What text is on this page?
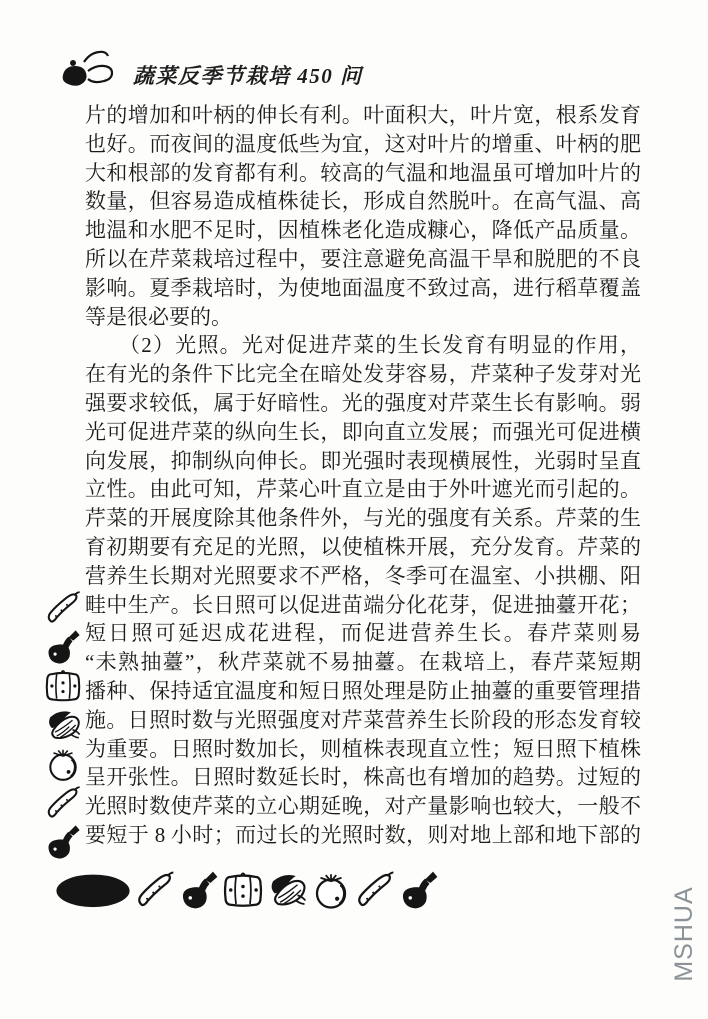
蔬菜反季节栽培 450 问
片的增加和叶柄的伸长有利。叶面积大，叶片宽，根系发育
也好。而夜间的温度低些为宜，这对叶片的增重、叶柄的肥
大和根部的发育都有利。较高的气温和地温虽可增加叶片的
数量，但容易造成植株徒长，形成自然脱叶。在高气温、高
地温和水肥不足时，因植株老化造成糠心，降低产品质量。
所以在芹菜栽培过程中，要注意避免高温干旱和脱肥的不良
影响。夏季栽培时，为使地面温度不致过高，进行稻草覆盖
等是很必要的。
　　（2）光照。光对促进芹菜的生长发育有明显的作用，
在有光的条件下比完全在暗处发芽容易，芹菜种子发芽对光
强要求较低，属于好暗性。光的强度对芹菜生长有影响。弱
光可促进芹菜的纵向生长，即向直立发展；而强光可促进横
向发展，抑制纵向伸长。即光强时表现横展性，光弱时呈直
立性。由此可知，芹菜心叶直立是由于外叶遮光而引起的。
芹菜的开展度除其他条件外，与光的强度有关系。芹菜的生
育初期要有充足的光照，以使植株开展，充分发育。芹菜的
营养生长期对光照要求不严格，冬季可在温室、小拱棚、阳
畦中生产。长日照可以促进苗端分化花芽，促进抽薹开花；
短日照可延迟成花进程，而促进营养生长。春芹菜则易
“未熟抽薹”，秋芹菜就不易抽薹。在栽培上，春芹菜短期
播种、保持适宜温度和短日照处理是防止抽薹的重要管理措
施。日照时数与光照强度对芹菜营养生长阶段的形态发育较
为重要。日照时数加长，则植株表现直立性；短日照下植株
呈开张性。日照时数延长时，株高也有增加的趋势。过短的
光照时数使芹菜的立心期延晚，对产量影响也较大，一般不
要短于 8 小时；而过长的光照时数，则对地上部和地下部的
MSHUA
